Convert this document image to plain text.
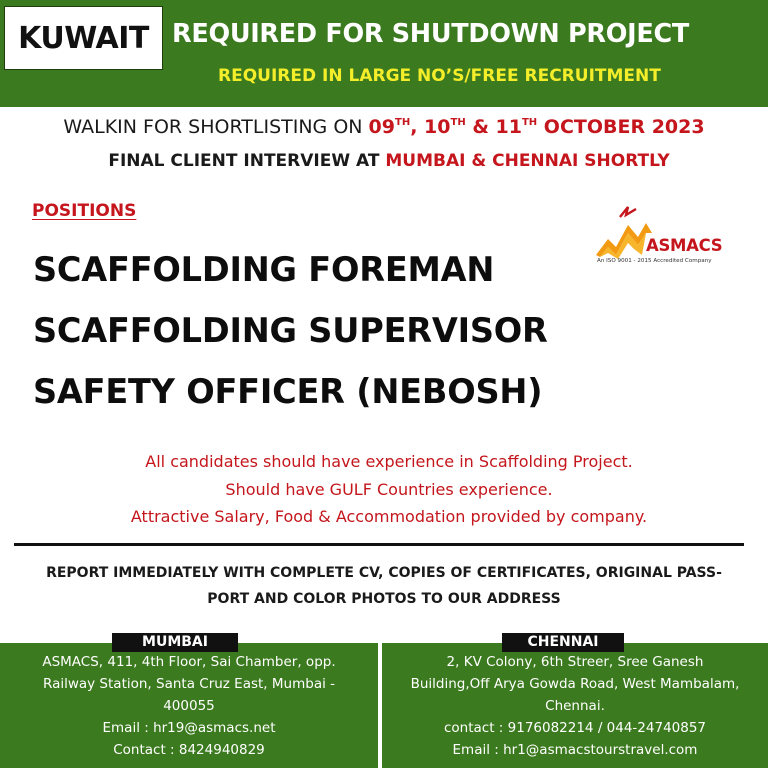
KUWAIT REQUIRED FOR SHUTDOWN PROJECT
REQUIRED IN LARGE NO’S/FREE RECRUITMENT
WALKIN FOR SHORTLISTING ON 09TH, 10TH & 11TH OCTOBER 2023
FINAL CLIENT INTERVIEW AT MUMBAI & CHENNAI SHORTLY
POSITIONS
SCAFFOLDING FOREMAN
SCAFFOLDING SUPERVISOR
SAFETY OFFICER (NEBOSH)
ASMACS
An ISO 9001 - 2015 Accredited Company
All candidates should have experience in Scaffolding Project.
Should have GULF Countries experience.
Attractive Salary, Food & Accommodation provided by company.
REPORT IMMEDIATELY WITH COMPLETE CV, COPIES OF CERTIFICATES, ORIGINAL PASS-
PORT AND COLOR PHOTOS TO OUR ADDRESS
MUMBAI
ASMACS, 411, 4th Floor, Sai Chamber, opp.
Railway Station, Santa Cruz East, Mumbai -
400055
Email : hr19@asmacs.net
Contact : 8424940829
CHENNAI
2, KV Colony, 6th Streer, Sree Ganesh
Building,Off Arya Gowda Road, West Mambalam,
Chennai.
contact : 9176082214 / 044-24740857
Email : hr1@asmacstourstravel.com
